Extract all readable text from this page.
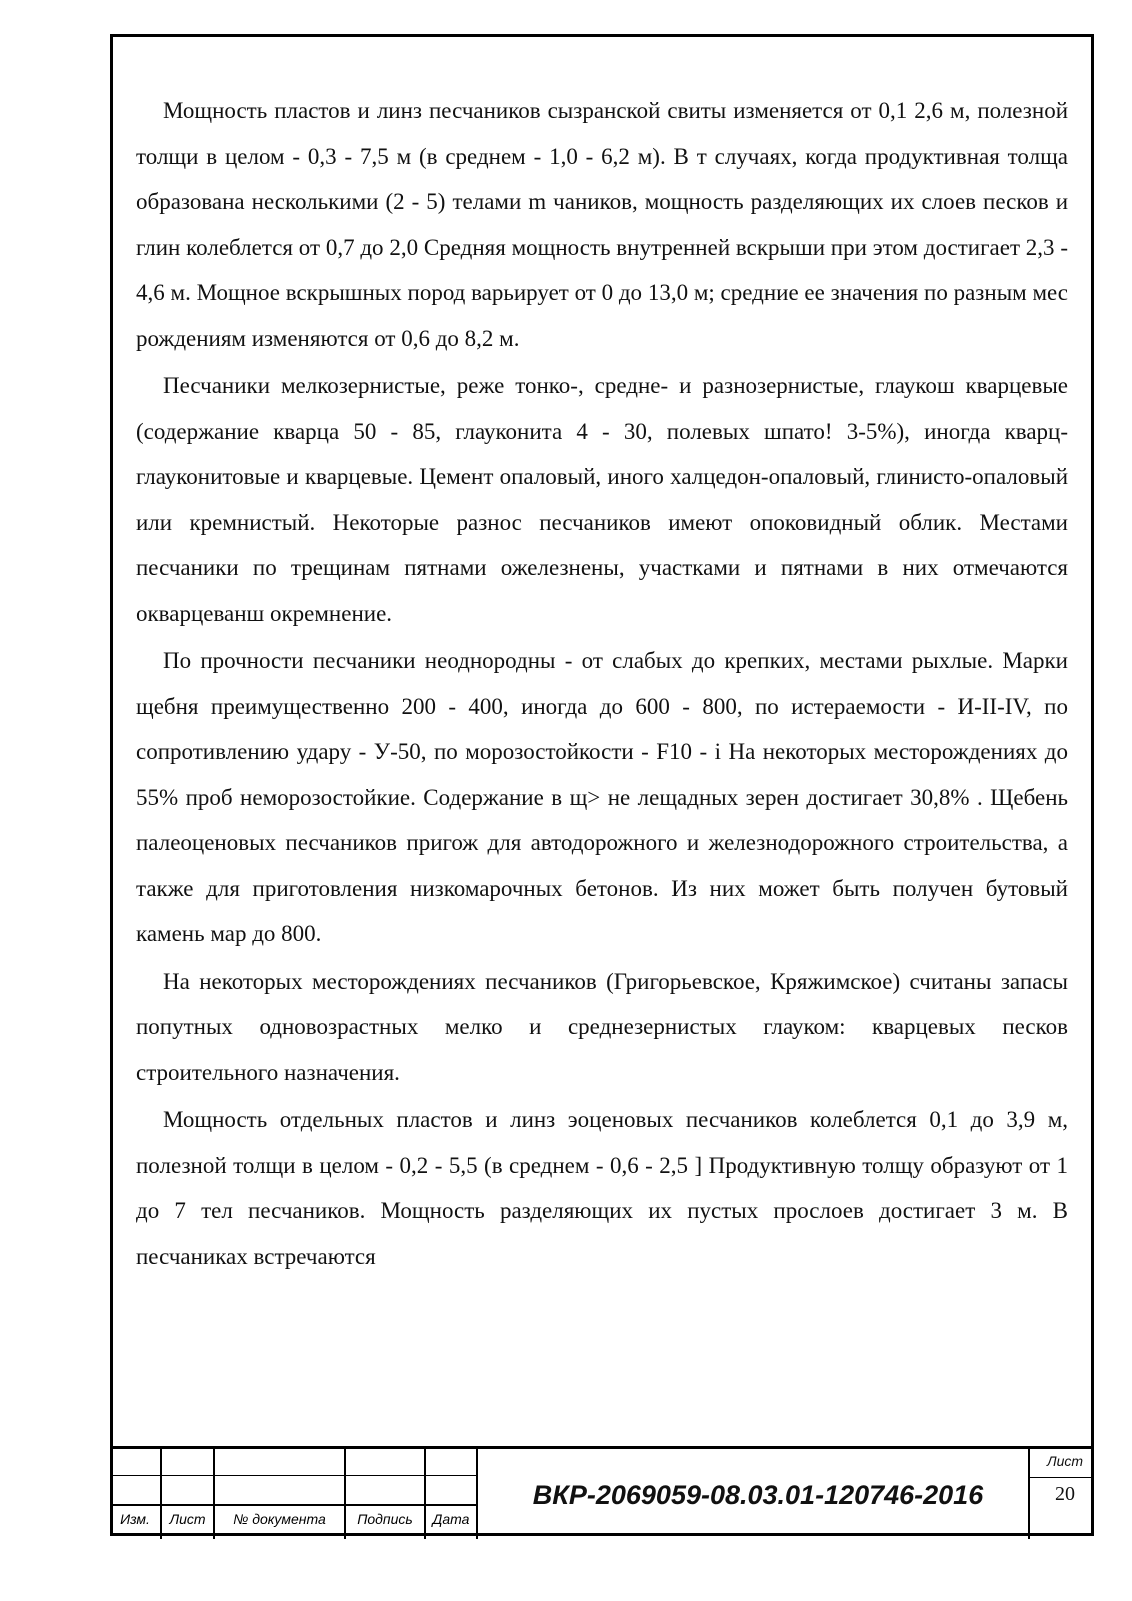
Мощность пластов и линз песчаников сызранской свиты изменяется от 0,1 2,6 м, полезной толщи в целом - 0,3 - 7,5 м (в среднем - 1,0 - 6,2 м). В т случаях, когда продуктивная толща образована несколькими (2 - 5) телами m чаников, мощность разделяющих их слоев песков и глин колеблется от 0,7 до 2,0 Средняя мощность внутренней вскрыши при этом достигает 2,3 - 4,6 м. Мощное вскрышных пород варьирует от 0 до 13,0 м; средние ее значения по разным мес рождениям изменяются от 0,6 до 8,2 м.

Песчаники мелкозернистые, реже тонко-, средне- и разнозернистые, глаукош кварцевые (содержание кварца 50 - 85, глауконита 4 - 30, полевых шпато! 3-5%), иногда кварц-глауконитовые и кварцевые. Цемент опаловый, иного халцедон-опаловый, глинисто-опаловый или кремнистый. Некоторые разнос песчаников имеют опоковидный облик. Местами песчаники по трещинам пятнами ожелезнены, участками и пятнами в них отмечаются окварцеванш окремнение.

По прочности песчаники неоднородны - от слабых до крепких, местами рыхлые. Марки щебня преимущественно 200 - 400, иногда до 600 - 800, по истераемости - И-II-IV, по сопротивлению удару - У-50, по морозостойкости - F10 - i На некоторых месторождениях до 55% проб неморозостойкие. Содержание в щ> не лещадных зерен достигает 30,8% . Щебень палеоценовых песчаников пригож для автодорожного и железнодорожного строительства, а также для приготовления низкомарочных бетонов. Из них может быть получен бутовый камень мар до 800.

На некоторых месторождениях песчаников (Григорьевское, Кряжимское) считаны запасы попутных одновозрастных мелко и среднезернистых глауком: кварцевых песков строительного назначения.

Мощность отдельных пластов и линз эоценовых песчаников колеблется 0,1 до 3,9 м, полезной толщи в целом - 0,2 - 5,5 (в среднем - 0,6 - 2,5 ] Продуктивную толщу образуют от 1 до 7 тел песчаников. Мощность разделяющих их пустых прослоев достигает 3 м. В песчаниках встречаются

Изм.	Лист	№ документа	Подпись	Дата
ВКР-2069059-08.03.01-120746-2016
Лист
20
